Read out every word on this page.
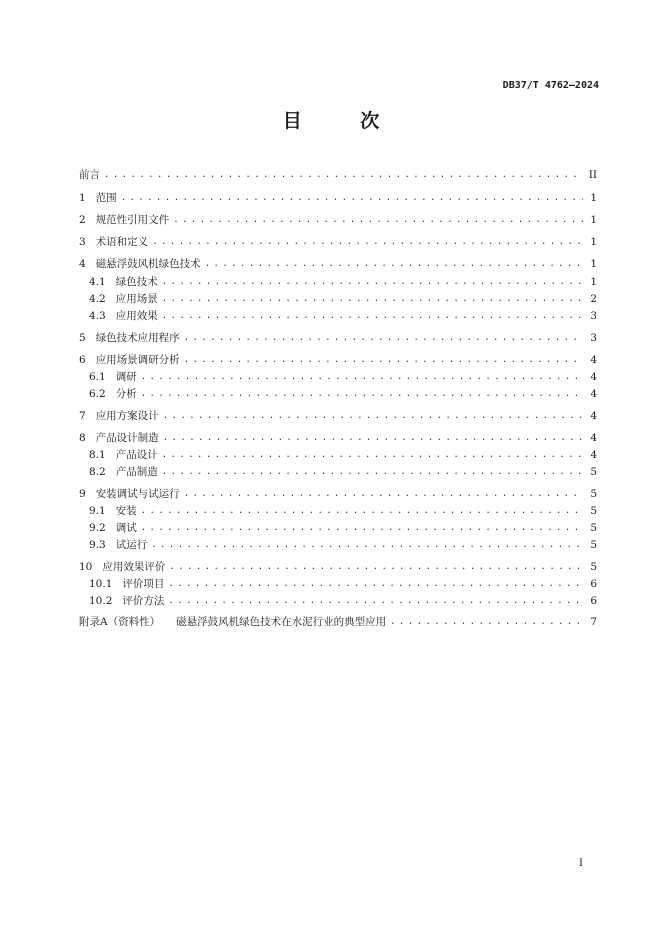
DB37/T 4762—2024
目 次
前言 . . .	II
1 范围 . . .	1
2 规范性引用文件 . . .	1
3 术语和定义 . . .	1
4 磁悬浮鼓风机绿色技术 . . .	1
4.1 绿色技术 . . .	1
4.2 应用场景 . . .	2
4.3 应用效果 . . .	3
5 绿色技术应用程序 . . .	3
6 应用场景调研分析 . . .	4
6.1 调研 . . .	4
6.2 分析 . . .	4
7 应用方案设计 . . .	4
8 产品设计制造 . . .	4
8.1 产品设计 . . .	4
8.2 产品制造 . . .	5
9 安装调试与试运行 . . .	5
9.1 安装 . . .	5
9.2 调试 . . .	5
9.3 试运行 . . .	5
10 应用效果评价 . . .	5
10.1 评价项目 . . .	6
10.2 评价方法 . . .	6
附录A（资料性） 磁悬浮鼓风机绿色技术在水泥行业的典型应用 . . .	7
I
